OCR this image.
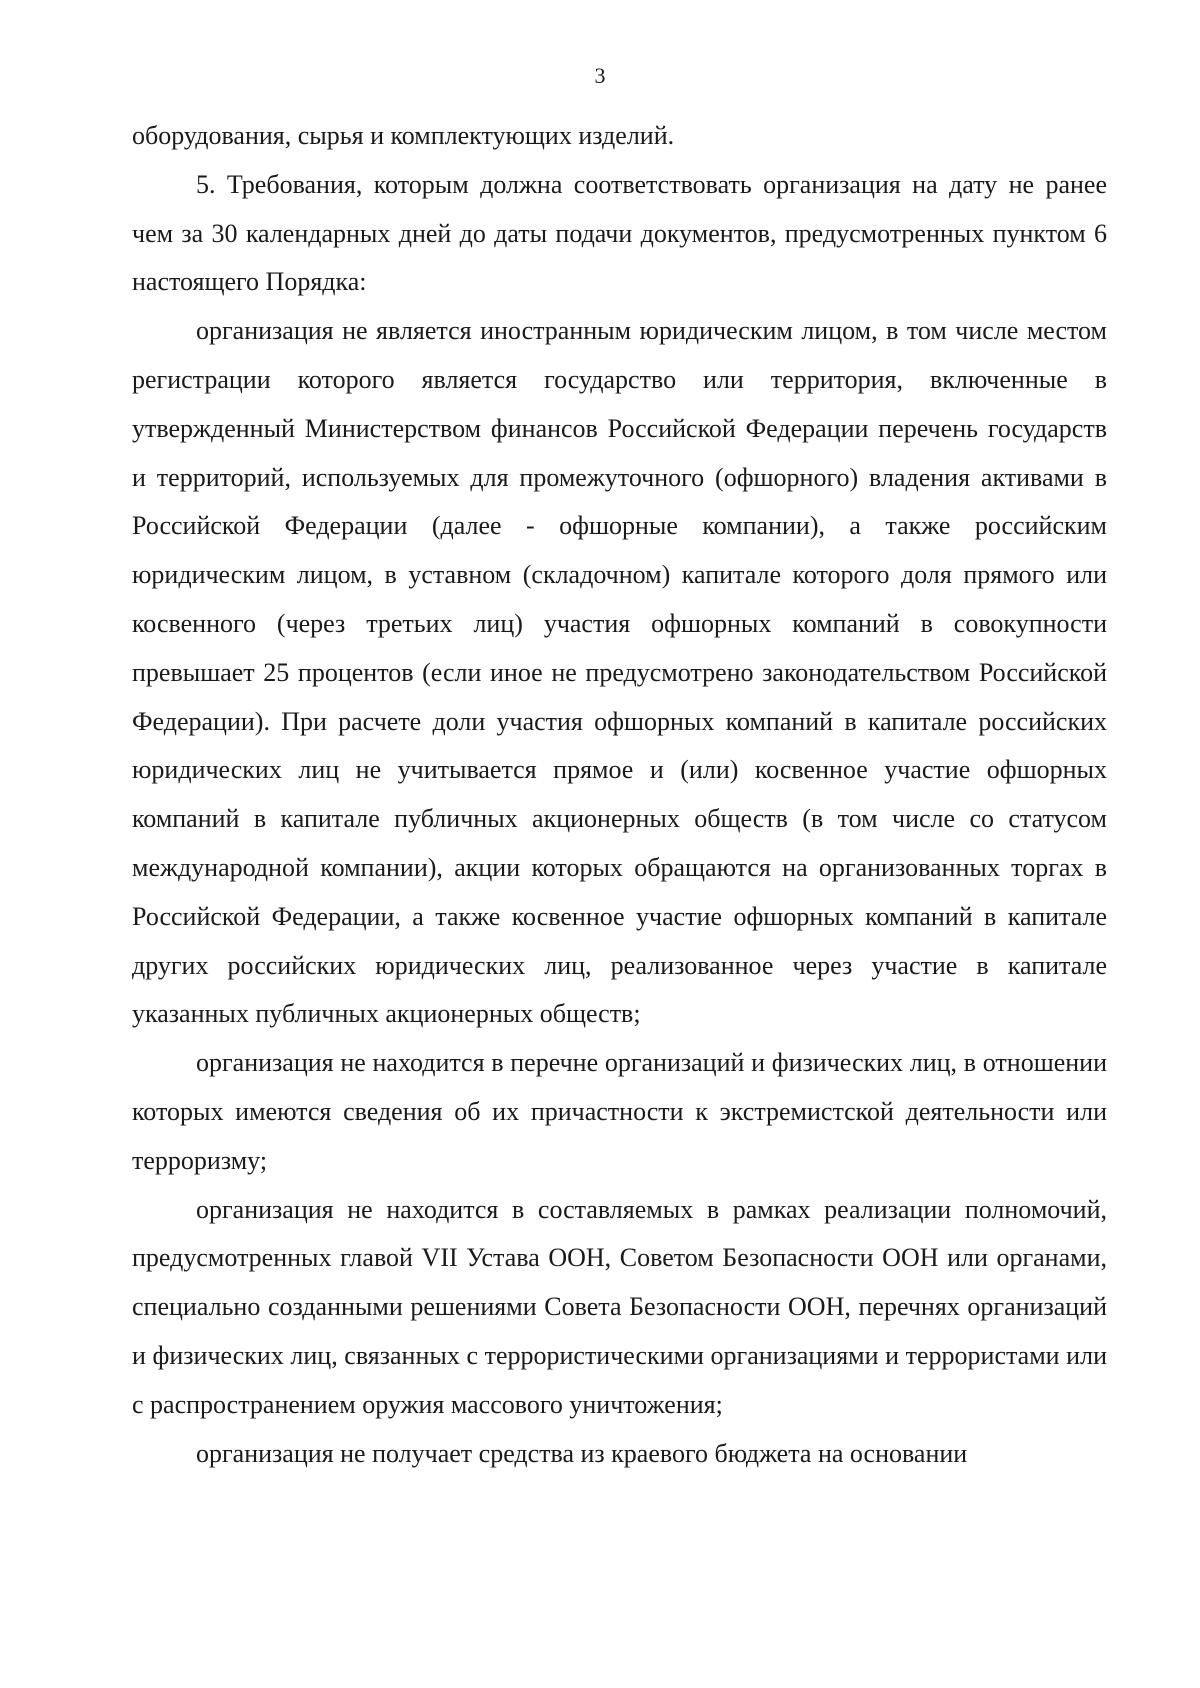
3

оборудования, сырья и комплектующих изделий.

5. Требования, которым должна соответствовать организация на дату не ранее чем за 30 календарных дней до даты подачи документов, предусмотренных пунктом 6 настоящего Порядка:

организация не является иностранным юридическим лицом, в том числе местом регистрации которого является государство или территория, включенные в утвержденный Министерством финансов Российской Федерации перечень государств и территорий, используемых для промежуточного (офшорного) владения активами в Российской Федерации (далее - офшорные компании), а также российским юридическим лицом, в уставном (складочном) капитале которого доля прямого или косвенного (через третьих лиц) участия офшорных компаний в совокупности превышает 25 процентов (если иное не предусмотрено законодательством Российской Федерации). При расчете доли участия офшорных компаний в капитале российских юридических лиц не учитывается прямое и (или) косвенное участие офшорных компаний в капитале публичных акционерных обществ (в том числе со статусом международной компании), акции которых обращаются на организованных торгах в Российской Федерации, а также косвенное участие офшорных компаний в капитале других российских юридических лиц, реализованное через участие в капитале указанных публичных акционерных обществ;

организация не находится в перечне организаций и физических лиц, в отношении которых имеются сведения об их причастности к экстремистской деятельности или терроризму;

организация не находится в составляемых в рамках реализации полномочий, предусмотренных главой VII Устава ООН, Советом Безопасности ООН или органами, специально созданными решениями Совета Безопасности ООН, перечнях организаций и физических лиц, связанных с террористическими организациями и террористами или с распространением оружия массового уничтожения;

организация не получает средства из краевого бюджета на основании
